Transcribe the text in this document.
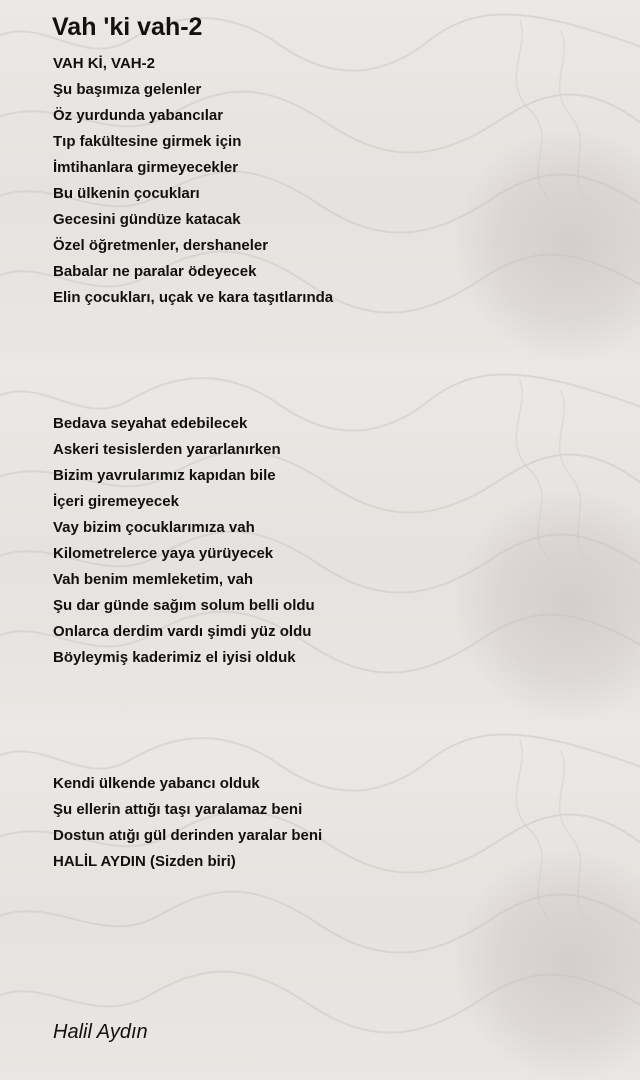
Vah 'ki vah-2
VAH Kİ, VAH-2
Şu başımıza gelenler
Öz yurdunda yabancılar
Tıp fakültesine girmek için
İmtihanlara girmeyecekler
Bu ülkenin çocukları
Gecesini gündüze katacak
Özel öğretmenler, dershaneler
Babalar ne paralar ödeyecek
Elin çocukları, uçak ve kara taşıtlarında
Bedava seyahat edebilecek
Askeri tesislerden yararlanırken
Bizim yavrularımız kapıdan bile
İçeri giremeyecek
Vay bizim çocuklarımıza vah
Kilometrelerce yaya yürüyecek
Vah benim memleketim, vah
Şu dar günde sağım solum belli oldu
Onlarca derdim vardı şimdi yüz oldu
Böyleymiş kaderimiz el iyisi olduk
Kendi ülkende yabancı olduk
Şu ellerin attığı taşı yaralamaz beni
Dostun atığı gül derinden yaralar beni
HALİL AYDIN (Sizden biri)
Halil Aydın
